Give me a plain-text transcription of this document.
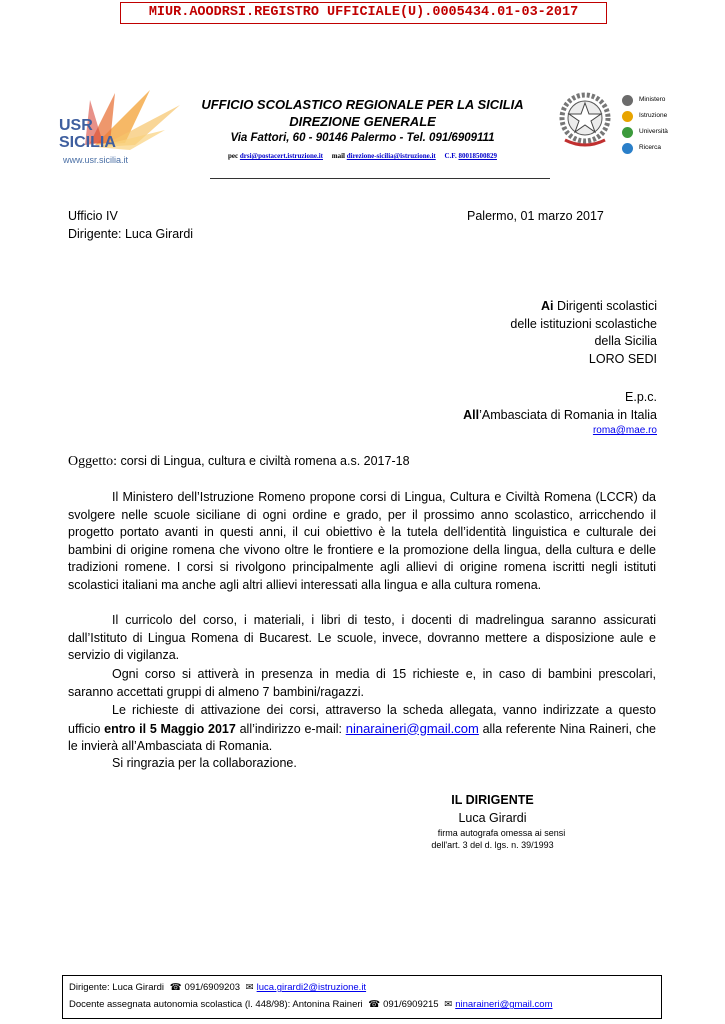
MIUR.AOODRSI.REGISTRO UFFICIALE(U).0005434.01-03-2017
USR
SICILIA
www.usr.sicilia.it
UFFICIO SCOLASTICO REGIONALE PER LA SICILIA
DIREZIONE GENERALE
Via Fattori, 60 - 90146 Palermo - Tel. 091/6909111
pec drsi@postacert.istruzione.it mail direzione-sicilia@istruzione.it C.F. 80018500829
Ministero
Istruzione
Università
Ricerca
Ufficio IV
Dirigente: Luca Girardi
Palermo, 01 marzo 2017
Ai Dirigenti scolastici
delle istituzioni scolastiche
della Sicilia
LORO SEDI
E.p.c.
All’Ambasciata di Romania in Italia
roma@mae.ro
Oggetto: corsi di Lingua, cultura e civiltà romena a.s. 2017-18
Il Ministero dell’Istruzione Romeno propone corsi di Lingua, Cultura e Civiltà Romena (LCCR) da svolgere nelle scuole siciliane di ogni ordine e grado, per il prossimo anno scolastico, arricchendo il progetto portato avanti in questi anni, il cui obiettivo è la tutela dell’identità linguistica e culturale dei bambini di origine romena che vivono oltre le frontiere e la promozione della lingua, della cultura e delle tradizioni romene. I corsi si rivolgono principalmente agli allievi di origine romena iscritti negli istituti scolastici italiani ma anche agli altri allievi interessati alla lingua e alla cultura romena.
Il curricolo del corso, i materiali, i libri di testo, i docenti di madrelingua saranno assicurati dall’Istituto di Lingua Romena di Bucarest. Le scuole, invece, dovranno mettere a disposizione aule e servizio di vigilanza.
Ogni corso si attiverà in presenza in media di 15 richieste e, in caso di bambini prescolari, saranno accettati gruppi di almeno 7 bambini/ragazzi.
Le richieste di attivazione dei corsi, attraverso la scheda allegata, vanno indirizzate a questo ufficio entro il 5 Maggio 2017 all’indirizzo e-mail: ninaraineri@gmail.com alla referente Nina Raineri, che le invierà all’Ambasciata di Romania.
Si ringrazia per la collaborazione.
IL DIRIGENTE
Luca Girardi
firma autografa omessa ai sensi
dell'art. 3 del d. lgs. n. 39/1993
Dirigente: Luca Girardi ☎ 091/6909203 ✉ luca.girardi2@istruzione.it
Docente assegnata autonomia scolastica (l. 448/98): Antonina Raineri ☎ 091/6909215 ✉ ninaraineri@gmail.com
